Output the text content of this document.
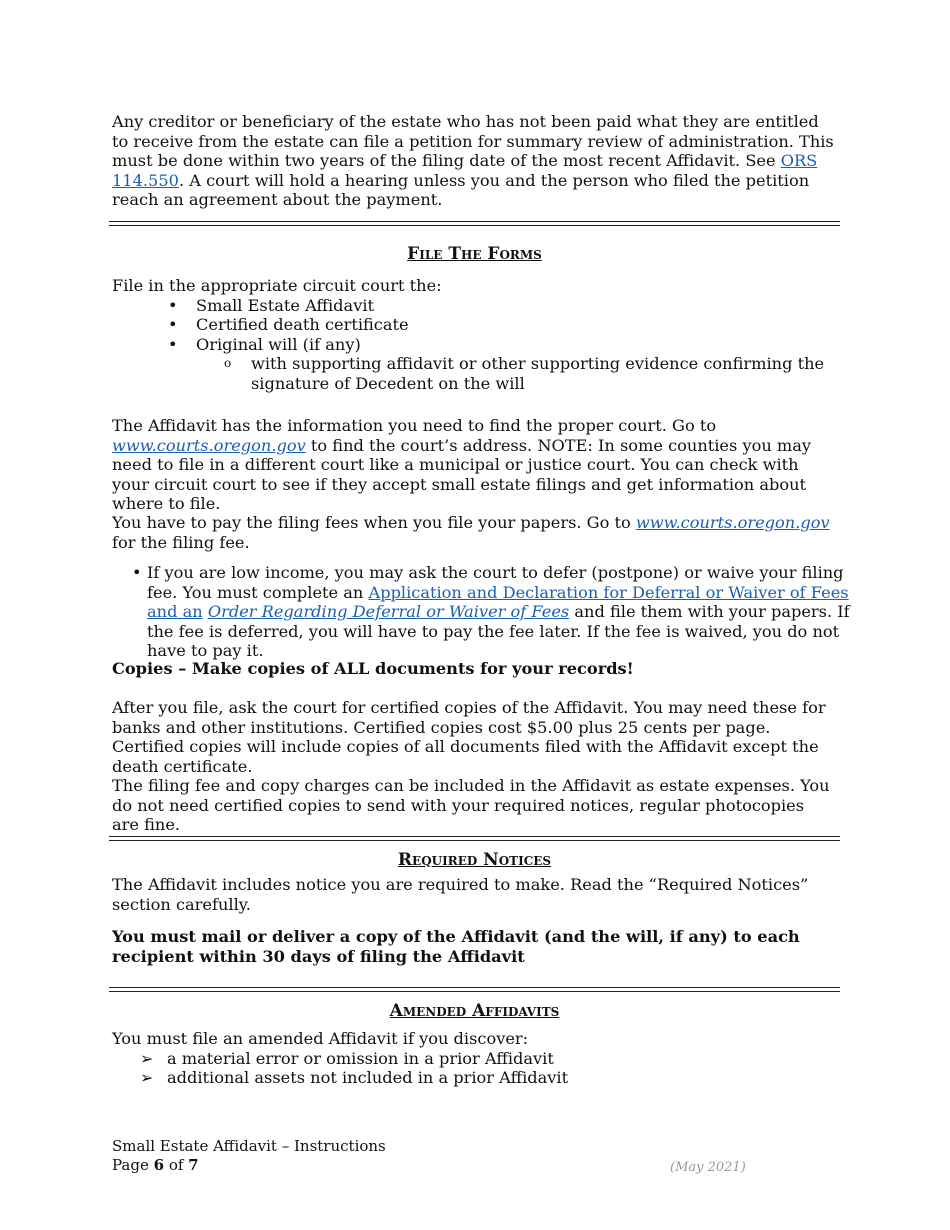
Any creditor or beneficiary of the estate who has not been paid what they are entitled to receive from the estate can file a petition for summary review of administration. This must be done within two years of the filing date of the most recent Affidavit. See ORS 114.550. A court will hold a hearing unless you and the person who filed the petition reach an agreement about the payment.

File The Forms

File in the appropriate circuit court the:

• Small Estate Affidavit
• Certified death certificate
• Original will (if any)
o with supporting affidavit or other supporting evidence confirming the signature of Decedent on the will

The Affidavit has the information you need to find the proper court. Go to www.courts.oregon.gov to find the court’s address. NOTE: In some counties you may need to file in a different court like a municipal or justice court. You can check with your circuit court to see if they accept small estate filings and get information about where to file.

You have to pay the filing fees when you file your papers. Go to www.courts.oregon.gov for the filing fee.

• If you are low income, you may ask the court to defer (postpone) or waive your filing fee. You must complete an Application and Declaration for Deferral or Waiver of Fees and an Order Regarding Deferral or Waiver of Fees and file them with your papers. If the fee is deferred, you will have to pay the fee later. If the fee is waived, you do not have to pay it.

Copies – Make copies of ALL documents for your records!

After you file, ask the court for certified copies of the Affidavit. You may need these for banks and other institutions. Certified copies cost $5.00 plus 25 cents per page. Certified copies will include copies of all documents filed with the Affidavit except the death certificate.

The filing fee and copy charges can be included in the Affidavit as estate expenses. You do not need certified copies to send with your required notices, regular photocopies are fine.

Required Notices

The Affidavit includes notice you are required to make. Read the “Required Notices” section carefully.

You must mail or deliver a copy of the Affidavit (and the will, if any) to each recipient within 30 days of filing the Affidavit

Amended Affidavits

You must file an amended Affidavit if you discover:

➢ a material error or omission in a prior Affidavit
➢ additional assets not included in a prior Affidavit
Small Estate Affidavit – Instructions
Page 6 of 7	(May 2021)
